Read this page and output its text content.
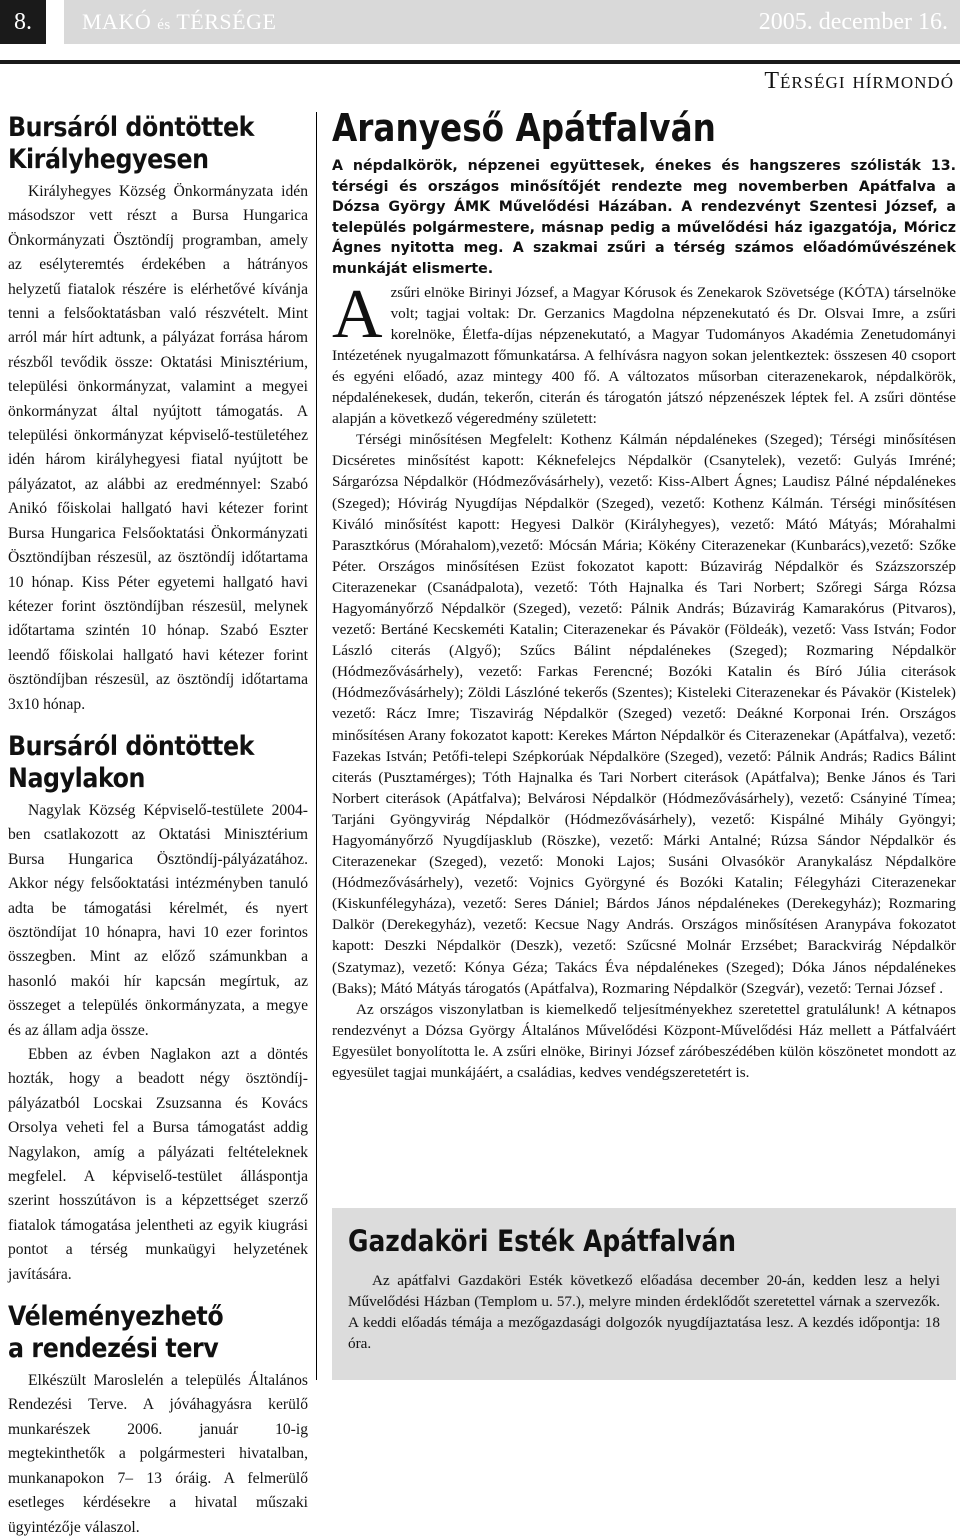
8.	MAKÓ és TÉRSÉGE	2005. december 16.
Térségi hírmondó
Bursáról döntöttek
Királyhegyesen

Királyhegyes Község Önkormányzata idén másodszor vett részt a Bursa Hungarica Önkormányzati Ösztöndíj programban, amely az esélyteremtés érdekében a hátrányos helyzetű fiatalok részére is elérhetővé kívánja tenni a felsőoktatásban való részvételt. Mint arról már hírt adtunk, a pályázat forrása három részből tevődik össze: Oktatási Minisztérium, települési önkormányzat, valamint a megyei önkormányzat által nyújtott támogatás. A települési önkormányzat képviselő-testületéhez idén három királyhegyesi fiatal nyújtott be pályázatot, az alábbi az eredménnyel: Szabó Anikó főiskolai hallgató havi kétezer forint Bursa Hungarica Felsőoktatási Önkormányzati Ösztöndíjban részesül, az ösztöndíj időtartama 10 hónap. Kiss Péter egyetemi hallgató havi kétezer forint ösztöndíjban részesül, melynek időtartama szintén 10 hónap. Szabó Eszter leendő főiskolai hallgató havi kétezer forint ösztöndíjban részesül, az ösztöndíj időtartama 3x10 hónap.

Bursáról döntöttek
Nagylakon

Nagylak Község Képviselő-testülete 2004-ben csatlakozott az Oktatási Minisztérium Bursa Hungarica Ösztöndíj-pályázatához. Akkor négy felsőoktatási intézményben tanuló adta be támogatási kérelmét, és nyert ösztöndíjat 10 hónapra, havi 10 ezer forintos összegben. Mint az előző számunkban a hasonló makói hír kapcsán megírtuk, az összeget a település önkormányzata, a megye és az állam adja össze.

Ebben az évben Naglakon azt a döntés hozták, hogy a beadott négy ösztöndíj-pályázatból Locskai Zsuzsanna és Kovács Orsolya veheti fel a Bursa támogatást addig Nagylakon, amíg a pályázati feltételeknek megfelel. A képviselő-testület álláspontja szerint hosszútávon is a képzettséget szerző fiatalok támogatása jelentheti az egyik kiugrási pontot a térség munkaügyi helyzetének javítására.

Véleményezhető
a rendezési terv

Elkészült Maroslelén a település Általános Rendezési Terve. A jóváhagyásra kerülő munkarészek 2006. január 10-ig megtekinthetők a polgármesteri hivatalban, munkanapokon 7– 13 óráig. A felmerülő esetleges kérdésekre a hivatal műszaki ügyintézője válaszol.

Aranyeső Apátfalván

A népdalkörök, népzenei együttesek, énekes és hangszeres szólisták 13. térségi és országos minősítőjét rendezte meg novemberben Apátfalva a Dózsa György ÁMK Művelődési Házában. A rendezvényt Szentesi József, a település polgármestere, másnap pedig a művelődési ház igazgatója, Móricz Ágnes nyitotta meg. A szakmai zsűri a térség számos előadóművészének munkáját elismerte.

Azsűri elnöke Birinyi József, a Magyar Kórusok és Zenekarok Szövetsége (KÓTA) társelnöke volt; tagjai voltak: Dr. Gerzanics Magdolna népzenekutató és Dr. Olsvai Imre, a zsűri korelnöke, Életfa-díjas népzenekutató, a Magyar Tudományos Akadémia Zenetudományi Intézetének nyugalmazott főmunkatársa. A felhívásra nagyon sokan jelentkeztek: összesen 40 csoport és egyéni előadó, azaz mintegy 400 fő. A változatos műsorban citerazenekarok, népdalkörök, népdalénekesek, dudán, tekerőn, citerán és tárogatón játszó népzenészek léptek fel. A zsűri döntése alapján a következő végeredmény született:

Térségi minősítésen Megfelelt: Kothenz Kálmán népdalénekes (Szeged); Térségi minősítésen Dicséretes minősítést kapott: Kéknefelejcs Népdalkör (Csanytelek), vezető: Gulyás Imréné; Sárgarózsa Népdalkör (Hódmezővásárhely), vezető: Kiss-Albert Ágnes; Laudisz Pálné népdalénekes (Szeged); Hóvirág Nyugdíjas Népdalkör (Szeged), vezető: Kothenz Kálmán. Térségi minősítésen Kiváló minősítést kapott: Hegyesi Dalkör (Királyhegyes), vezető: Mátó Mátyás; Mórahalmi Parasztkórus (Mórahalom),vezető: Mócsán Mária; Kökény Citerazenekar (Kunbarács),vezető: Szőke Péter. Országos minősítésen Ezüst fokozatot kapott: Búzavirág Népdalkör és Százszorszép Citerazenekar (Csanádpalota), vezető: Tóth Hajnalka és Tari Norbert; Szőregi Sárga Rózsa Hagyományőrző Népdalkör (Szeged), vezető: Pálnik András; Búzavirág Kamarakórus (Pitvaros), vezető: Bertáné Kecskeméti Katalin; Citerazenekar és Pávakör (Földeák), vezető: Vass István; Fodor László citerás (Algyő); Szűcs Bálint népdalénekes (Szeged); Rozmaring Népdalkör (Hódmezővásárhely), vezető: Farkas Ferencné; Bozóki Katalin és Bíró Júlia citerások (Hódmezővásárhely); Zöldi Lászlóné tekerős (Szentes); Kisteleki Citerazenekar és Pávakör (Kistelek) vezető: Rácz Imre; Tiszavirág Népdalkör (Szeged) vezető: Deákné Korponai Irén. Országos minősítésen Arany fokozatot kapott: Kerekes Márton Népdalkör és Citerazenekar (Apátfalva), vezető: Fazekas István; Petőfi-telepi Szépkorúak Népdalköre (Szeged), vezető: Pálnik András; Radics Bálint citerás (Pusztamérges); Tóth Hajnalka és Tari Norbert citerások (Apátfalva); Benke János és Tari Norbert citerások (Apátfalva); Belvárosi Népdalkör (Hódmezővásárhely), vezető: Csányiné Tímea; Tarjáni Gyöngyvirág Népdalkör (Hódmezővásárhely), vezető: Kispálné Mihály Gyöngyi; Hagyományőrző Nyugdíjasklub (Röszke), vezető: Márki Antalné; Rúzsa Sándor Népdalkör és Citerazenekar (Szeged), vezető: Monoki Lajos; Susáni Olvasókör Aranykalász Népdalköre (Hódmezővásárhely), vezető: Vojnics Györgyné és Bozóki Katalin; Félegyházi Citerazenekar (Kiskunfélegyháza), vezető: Seres Dániel; Bárdos János népdalénekes (Derekegyház); Rozmaring Dalkör (Derekegyház), vezető: Kecsue Nagy András. Országos minősítésen Aranypáva fokozatot kapott: Deszki Népdalkör (Deszk), vezető: Szűcsné Molnár Erzsébet; Barackvirág Népdalkör (Szatymaz), vezető: Kónya Géza; Takács Éva népdalénekes (Szeged); Dóka János népdalénekes (Baks); Mátó Mátyás tárogatós (Apátfalva), Rozmaring Népdalkör (Szegvár), vezető: Ternai József .

Az országos viszonylatban is kiemelkedő teljesítményekhez szeretettel gratulálunk! A kétnapos rendezvényt a Dózsa György Általános Művelődési Központ-Művelődési Ház mellett a Pátfalváért Egyesület bonyolította le. A zsűri elnöke, Birinyi József záróbeszédében külön köszönetet mondott az egyesület tagjai munkájáért, a családias, kedves vendégszeretetért is.

Gazdaköri Esték Apátfalván

Az apátfalvi Gazdaköri Esték következő előadása december 20-án, kedden lesz a helyi Művelődési Házban (Templom u. 57.), melyre minden érdeklődőt szeretettel várnak a szervezők. A keddi előadás témája a mezőgazdasági dolgozók nyugdíjaztatása lesz. A kezdés időpontja: 18 óra.
